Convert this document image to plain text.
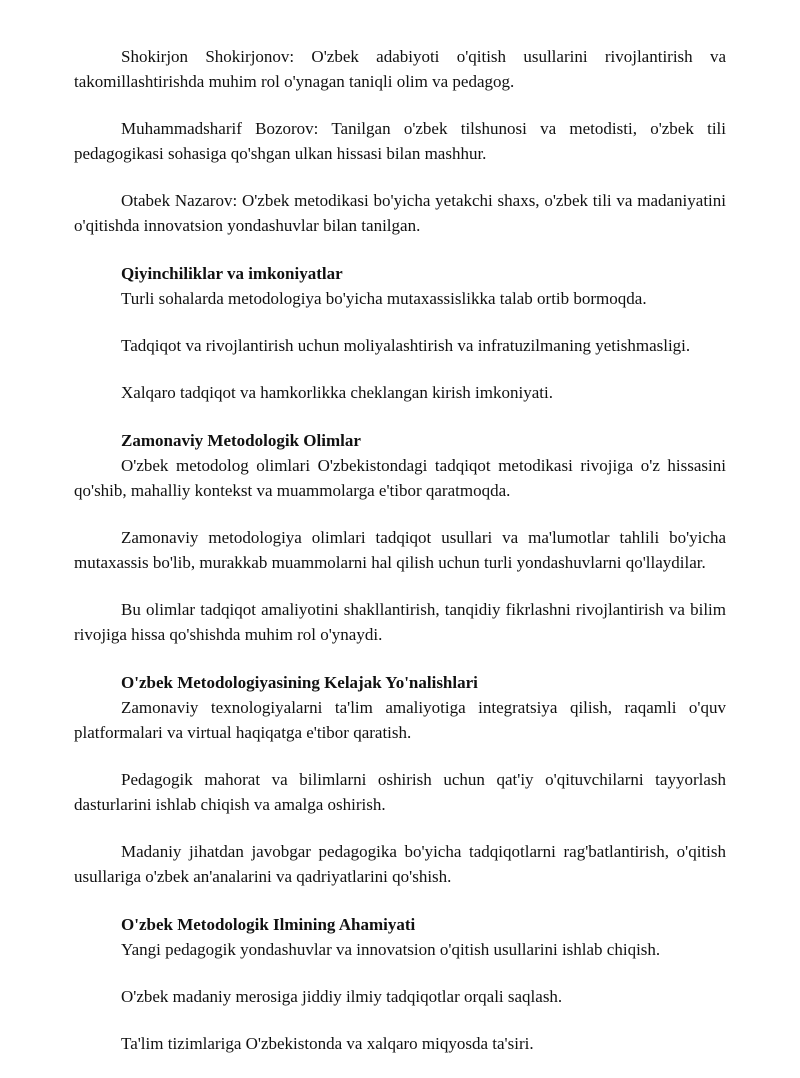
Shokirjon Shokirjonov: O'zbek adabiyoti o'qitish usullarini rivojlantirish va takomillashtirishda muhim rol o'ynagan taniqli olim va pedagog.

Muhammadsharif Bozorov: Tanilgan o'zbek tilshunosi va metodisti, o'zbek tili pedagogikasi sohasiga qo'shgan ulkan hissasi bilan mashhur.

Otabek Nazarov: O'zbek metodikasi bo'yicha yetakchi shaxs, o'zbek tili va madaniyatini o'qitishda innovatsion yondashuvlar bilan tanilgan.

Qiyinchiliklar va imkoniyatlar

Turli sohalarda metodologiya bo'yicha mutaxassislikka talab ortib bormoqda.

Tadqiqot va rivojlantirish uchun moliyalashtirish va infratuzilmaning yetishmasligi.

Xalqaro tadqiqot va hamkorlikka cheklangan kirish imkoniyati.

Zamonaviy Metodologik Olimlar

O'zbek metodolog olimlari O'zbekistondagi tadqiqot metodikasi rivojiga o'z hissasini qo'shib, mahalliy kontekst va muammolarga e'tibor qaratmoqda.

Zamonaviy metodologiya olimlari tadqiqot usullari va ma'lumotlar tahlili bo'yicha mutaxassis bo'lib, murakkab muammolarni hal qilish uchun turli yondashuvlarni qo'llaydilar.

Bu olimlar tadqiqot amaliyotini shakllantirish, tanqidiy fikrlashni rivojlantirish va bilim rivojiga hissa qo'shishda muhim rol o'ynaydi.

O'zbek Metodologiyasining Kelajak Yo'nalishlari

Zamonaviy texnologiyalarni ta'lim amaliyotiga integratsiya qilish, raqamli o'quv platformalari va virtual haqiqatga e'tibor qaratish.

Pedagogik mahorat va bilimlarni oshirish uchun qat'iy o'qituvchilarni tayyorlash dasturlarini ishlab chiqish va amalga oshirish.

Madaniy jihatdan javobgar pedagogika bo'yicha tadqiqotlarni rag'batlantirish, o'qitish usullariga o'zbek an'analarini va qadriyatlarini qo'shish.

O'zbek Metodologik Ilmining Ahamiyati

Yangi pedagogik yondashuvlar va innovatsion o'qitish usullarini ishlab chiqish.

O'zbek madaniy merosiga jiddiy ilmiy tadqiqotlar orqali saqlash.

Ta'lim tizimlariga O'zbekistonda va xalqaro miqyosda ta'siri.
